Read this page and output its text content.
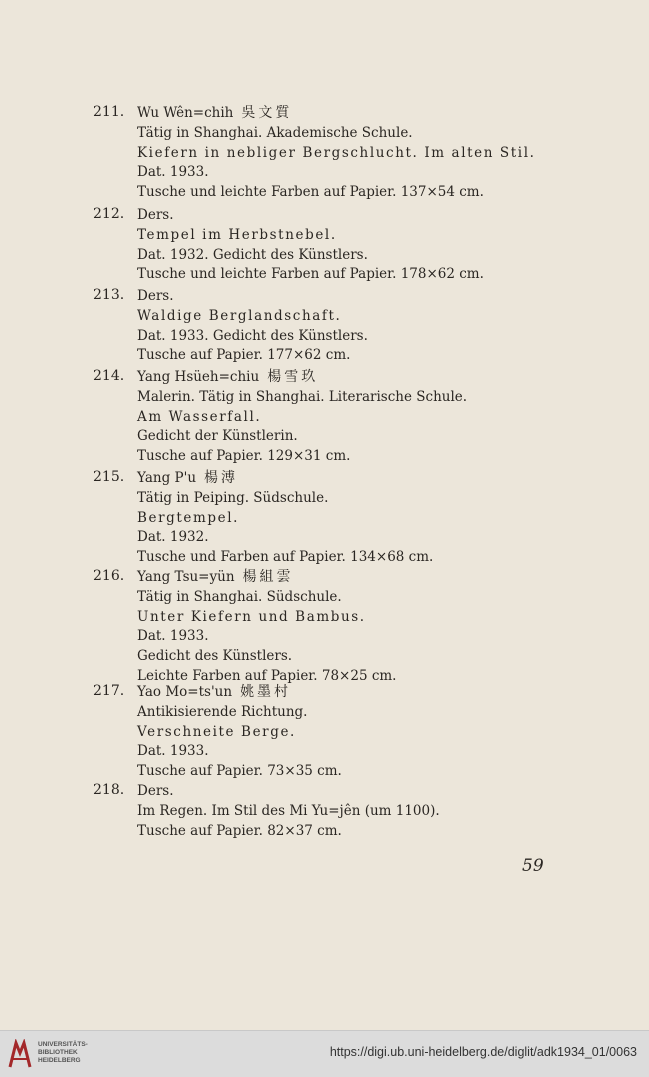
211. Wu Wên=chih 吳文質
Tätig in Shanghai. Akademische Schule.
Kiefern in nebliger Bergschlucht. Im alten Stil.
Dat. 1933.
Tusche und leichte Farben auf Papier. 137×54 cm.
212. Ders.
Tempel im Herbstnebel.
Dat. 1932. Gedicht des Künstlers.
Tusche und leichte Farben auf Papier. 178×62 cm.
213. Ders.
Waldige Berglandschaft.
Dat. 1933. Gedicht des Künstlers.
Tusche auf Papier. 177×62 cm.
214. Yang Hsüeh=chiu 楊雪玖
Malerin. Tätig in Shanghai. Literarische Schule.
Am Wasserfall.
Gedicht der Künstlerin.
Tusche auf Papier. 129×31 cm.
215. Yang P'u 楊溥
Tätig in Peiping. Südschule.
Bergtempel.
Dat. 1932.
Tusche und Farben auf Papier. 134×68 cm.
216. Yang Tsu=yün 楊組雲
Tätig in Shanghai. Südschule.
Unter Kiefern und Bambus.
Dat. 1933.
Gedicht des Künstlers.
Leichte Farben auf Papier. 78×25 cm.
217. Yao Mo=ts'un 姚墨村
Antikisierende Richtung.
Verschneite Berge.
Dat. 1933.
Tusche auf Papier. 73×35 cm.
218. Ders.
Im Regen. Im Stil des Mi Yu=jên (um 1100).
Tusche auf Papier. 82×37 cm.
59
UNIVERSITÄTS-
BIBLIOTHEK
HEIDELBERG
https://digi.ub.uni-heidelberg.de/diglit/adk1934_01/0063
